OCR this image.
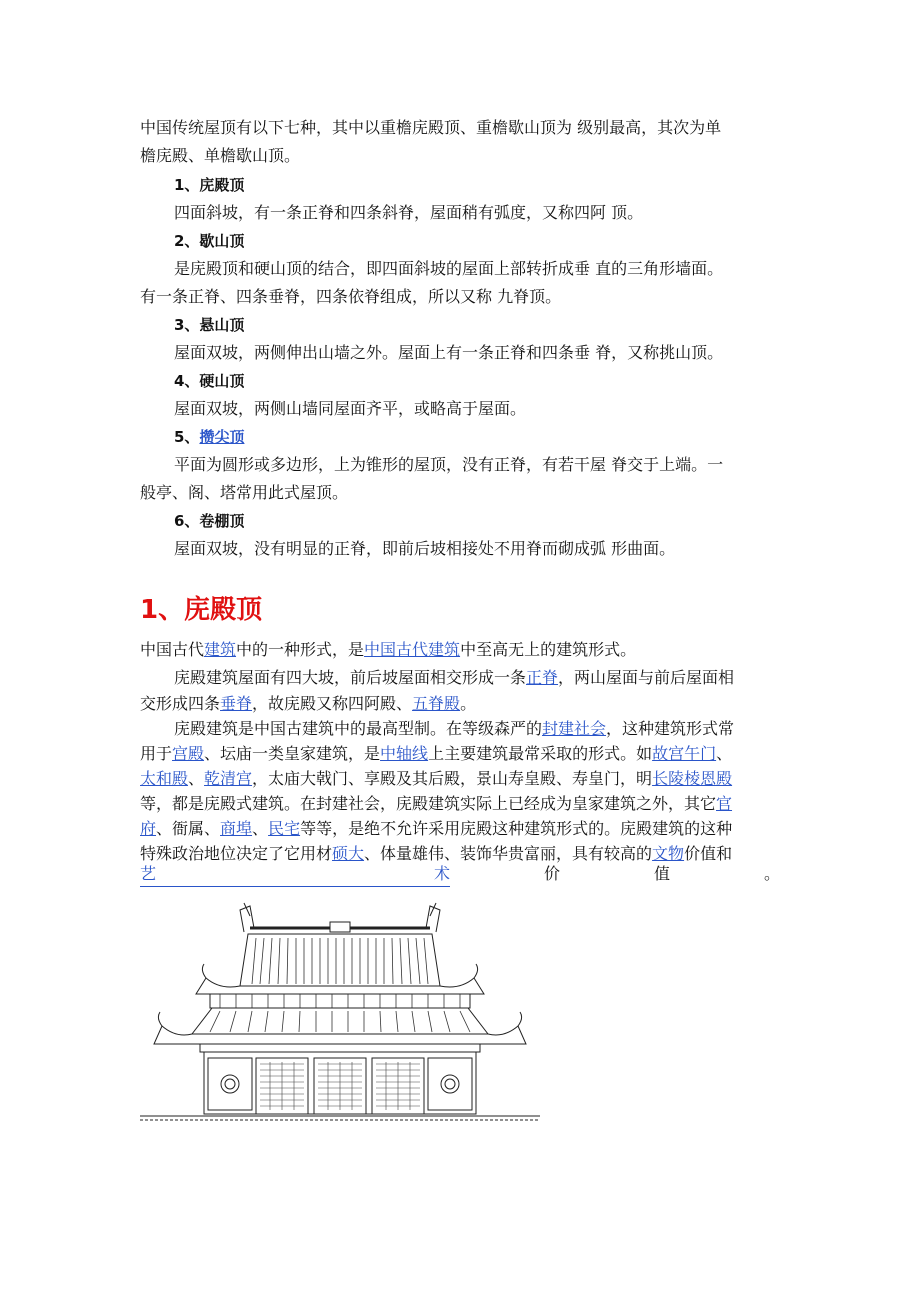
中国传统屋顶有以下七种，其中以重檐庑殿顶、重檐歇山顶为 级别最高，其次为单
檐庑殿、单檐歇山顶。
1、庑殿顶
四面斜坡，有一条正脊和四条斜脊，屋面稍有弧度，又称四阿 顶。
2、歇山顶
是庑殿顶和硬山顶的结合，即四面斜坡的屋面上部转折成垂 直的三角形墙面。
有一条正脊、四条垂脊，四条依脊组成，所以又称 九脊顶。
3、悬山顶
屋面双坡，两侧伸出山墙之外。屋面上有一条正脊和四条垂 脊，又称挑山顶。
4、硬山顶
屋面双坡，两侧山墙同屋面齐平，或略高于屋面。
5、攒尖顶
平面为圆形或多边形，上为锥形的屋顶，没有正脊，有若干屋 脊交于上端。一
般亭、阁、塔常用此式屋顶。
6、卷棚顶
屋面双坡，没有明显的正脊，即前后坡相接处不用脊而砌成弧 形曲面。
1、庑殿顶
中国古代建筑中的一种形式，是中国古代建筑中至高无上的建筑形式。
庑殿建筑屋面有四大坡，前后坡屋面相交形成一条正脊，两山屋面与前后屋面相
交形成四条垂脊，故庑殿又称四阿殿、五脊殿。
庑殿建筑是中国古建筑中的最高型制。在等级森严的封建社会，这种建筑形式常
用于宫殿、坛庙一类皇家建筑，是中轴线上主要建筑最常采取的形式。如故宫午门、
太和殿、乾清宫，太庙大戟门、享殿及其后殿，景山寿皇殿、寿皇门，明长陵棱恩殿
等，都是庑殿式建筑。在封建社会，庑殿建筑实际上已经成为皇家建筑之外，其它官
府、衙属、商埠、民宅等等，是绝不允许采用庑殿这种建筑形式的。庑殿建筑的这种
特殊政治地位决定了它用材硕大、体量雄伟、装饰华贵富丽，具有较高的文物价值和
艺	术	价	值	。
